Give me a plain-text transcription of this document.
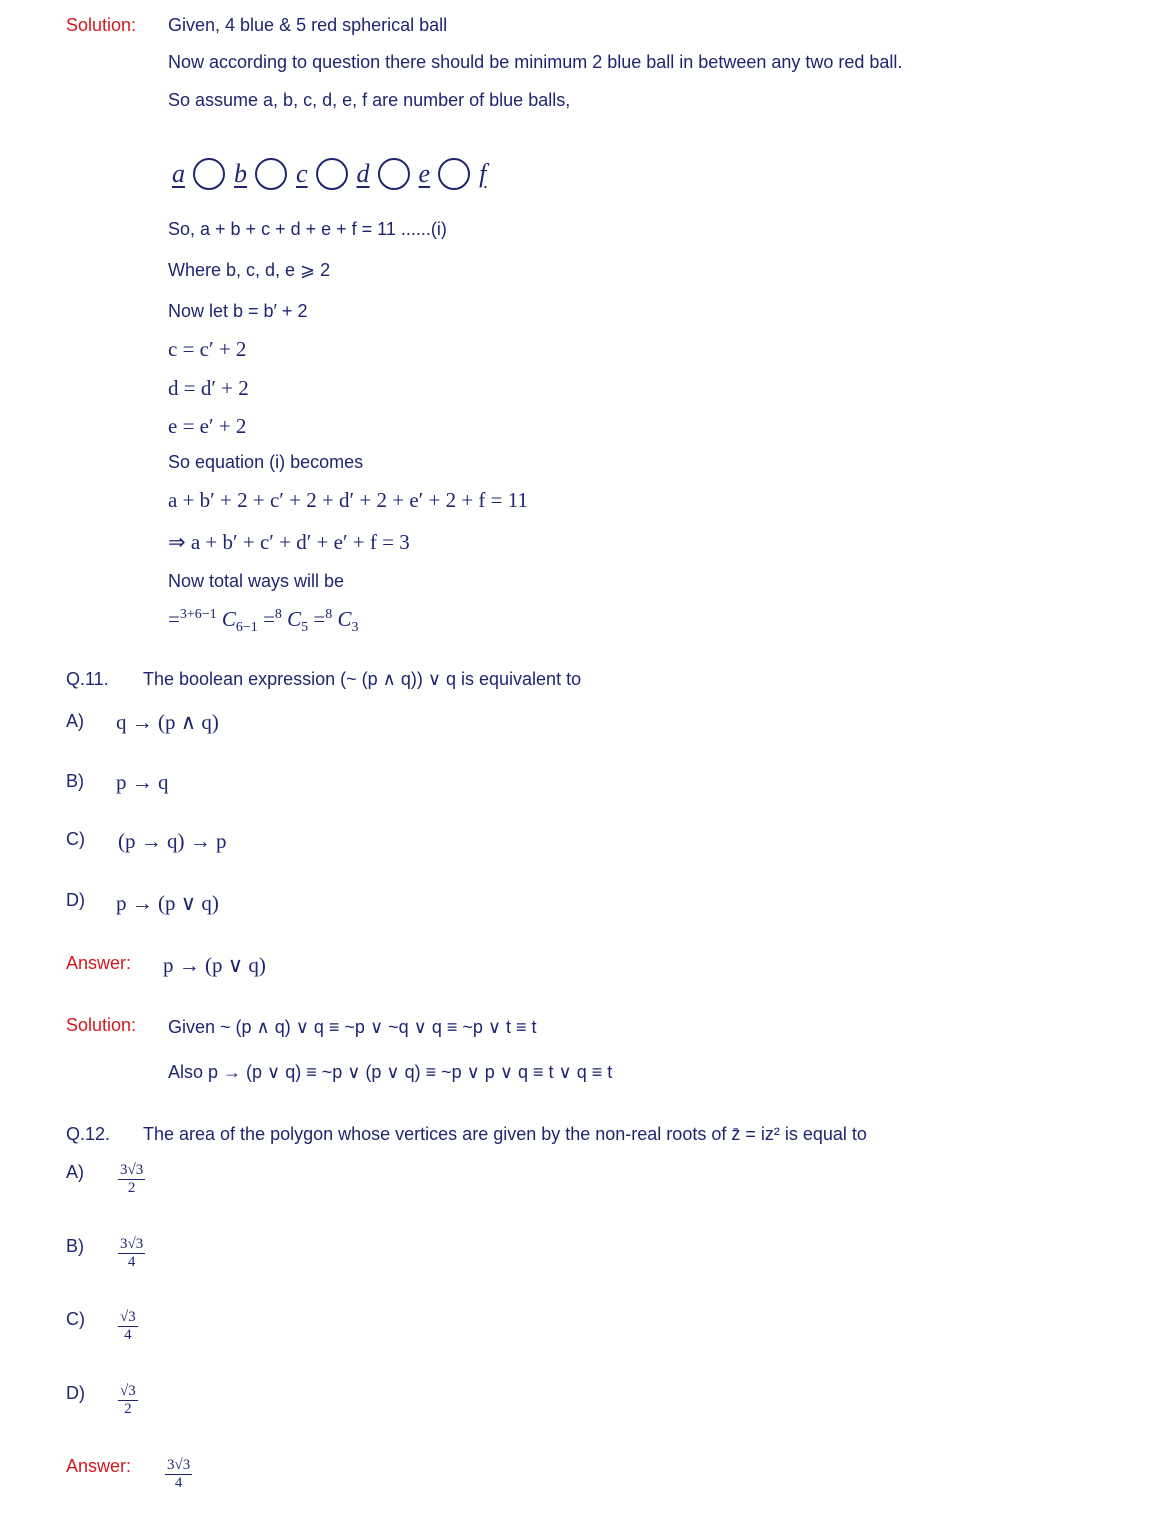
Solution: Given, 4 blue & 5 red spherical ball
Now according to question there should be minimum 2 blue ball in between any two red ball.
So assume a, b, c, d, e, f are number of blue balls,
a b c d e f
So, a + b + c + d + e + f = 11 ......(i)
Where b, c, d, e ⩾ 2
Now let b = b′ + 2
c = c′ + 2
d = d′ + 2
e = e′ + 2
So equation (i) becomes
a + b′ + 2 + c′ + 2 + d′ + 2 + e′ + 2 + f = 11
⇒ a + b′ + c′ + d′ + e′ + f = 3
Now total ways will be
=$^{3+6-1}$ $C_{6-1} =^8$ $C_5 =^8$ $C_3$
Q.11. The boolean expression (~ (p ∧ q)) ∨ q is equivalent to
A) q → (p ∧ q)
B) p → q
C) (p → q) → p
D) p → (p ∨ q)
Answer: p → (p ∨ q)
Solution: Given ~ (p ∧ q) ∨ q ≡ ~p ∨ ~q ∨ q ≡ ~p ∨ t ≡ t
Also p → (p ∨ q) ≡ ~p ∨ (p ∨ q) ≡ ~p ∨ p ∨ q ≡ t ∨ q ≡ t
Q.12. The area of the polygon whose vertices are given by the non-real roots of z̄ = iz² is equal to
$A) \frac{3√3}{2}$
$B) \frac{3√3}{4}$
$C) \frac{√3}{4}$
$D) \frac{√3}{2}$
Answer: $\frac{3√3}{4}$
